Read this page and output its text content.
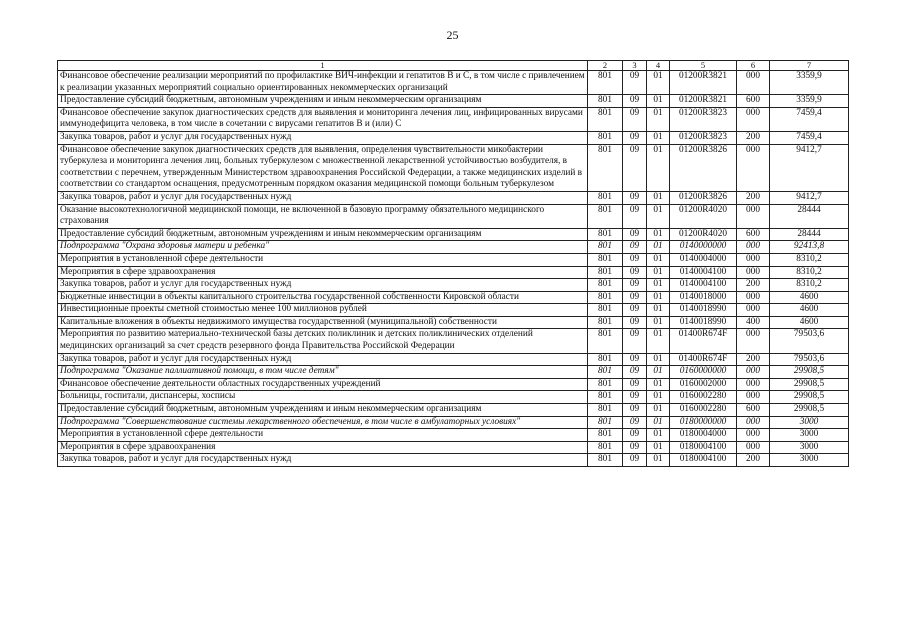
25
1	2	3	4	5	6	7
Финансовое обеспечение реализации мероприятий по профилактике ВИЧ-инфекции и гепатитов В и С, в том числе с привлечением к реализации указанных мероприятий социально ориентированных некоммерческих организаций	801	09	01	01200R3821	000	3359,9
Предоставление субсидий бюджетным, автономным учреждениям и иным некоммерческим организациям	801	09	01	01200R3821	600	3359,9
Финансовое обеспечение закупок диагностических средств для выявления и мониторинга лечения лиц, инфицированных вирусами иммунодефицита человека, в том числе в сочетании с вирусами гепатитов В и (или) С	801	09	01	01200R3823	000	7459,4
Закупка товаров, работ и услуг для государственных нужд	801	09	01	01200R3823	200	7459,4
Финансовое обеспечение закупок диагностических средств для выявления, определения чувствительности микобактерии туберкулеза и мониторинга лечения лиц, больных туберкулезом с множественной лекарственной устойчивостью возбудителя, в соответствии с перечнем, утвержденным Министерством здравоохранения Российской Федерации, а также медицинских изделий в соответствии со стандартом оснащения, предусмотренным порядком оказания медицинской помощи больным туберкулезом	801	09	01	01200R3826	000	9412,7
Закупка товаров, работ и услуг для государственных нужд	801	09	01	01200R3826	200	9412,7
Оказание высокотехнологичной медицинской помощи, не включенной в базовую программу обязательного медицинского страхования	801	09	01	01200R4020	000	28444
Предоставление субсидий бюджетным, автономным учреждениям и иным некоммерческим организациям	801	09	01	01200R4020	600	28444
Подпрограмма "Охрана здоровья матери и ребенка"	801	09	01	0140000000	000	92413,8
Мероприятия в установленной сфере деятельности	801	09	01	0140004000	000	8310,2
Мероприятия в сфере здравоохранения	801	09	01	0140004100	000	8310,2
Закупка товаров, работ и услуг для государственных нужд	801	09	01	0140004100	200	8310,2
Бюджетные инвестиции в объекты капитального строительства государственной собственности Кировской области	801	09	01	0140018000	000	4600
Инвестиционные проекты сметной стоимостью менее 100 миллионов рублей	801	09	01	0140018990	000	4600
Капитальные вложения в объекты недвижимого имущества государственной (муниципальной) собственности	801	09	01	0140018990	400	4600
Мероприятия по развитию материально-технической базы детских поликлиник и детских поликлинических отделений медицинских организаций за счет средств резервного фонда Правительства Российской Федерации	801	09	01	01400R674F	000	79503,6
Закупка товаров, работ и услуг для государственных нужд	801	09	01	01400R674F	200	79503,6
Подпрограмма "Оказание паллиативной помощи, в том числе детям"	801	09	01	0160000000	000	29908,5
Финансовое обеспечение деятельности областных государственных учреждений	801	09	01	0160002000	000	29908,5
Больницы, госпитали, диспансеры, хосписы	801	09	01	0160002280	000	29908,5
Предоставление субсидий бюджетным, автономным учреждениям и иным некоммерческим организациям	801	09	01	0160002280	600	29908,5
Подпрограмма "Совершенствование системы лекарственного обеспечения, в том числе в амбулаторных условиях"	801	09	01	0180000000	000	3000
Мероприятия в установленной сфере деятельности	801	09	01	0180004000	000	3000
Мероприятия в сфере здравоохранения	801	09	01	0180004100	000	3000
Закупка товаров, работ и услуг для государственных нужд	801	09	01	0180004100	200	3000
